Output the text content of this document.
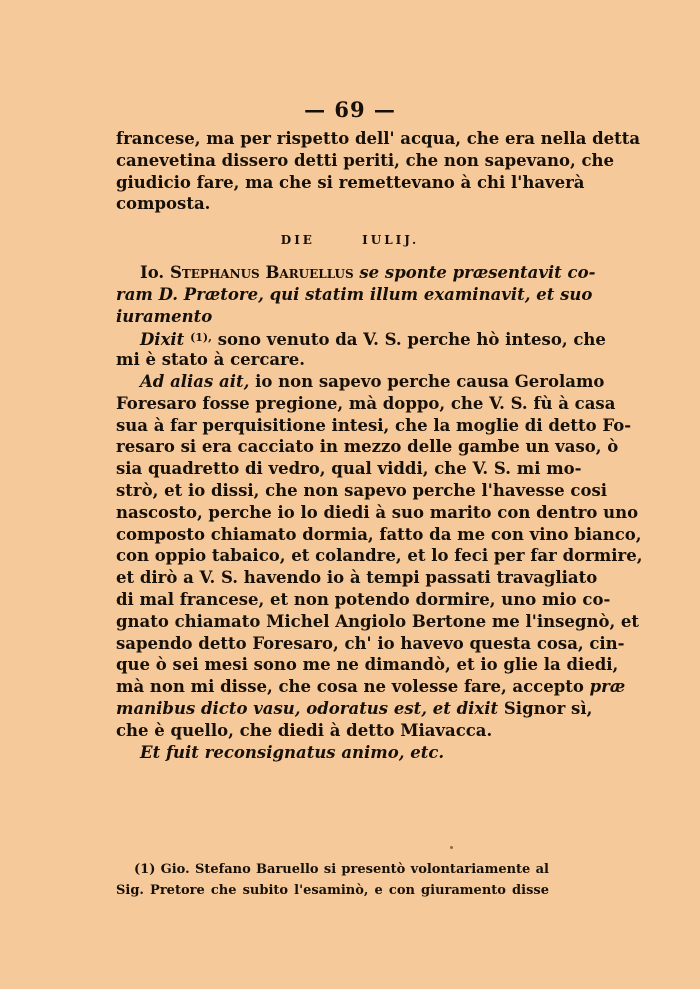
— 69 —
francese, ma per rispetto dell' acqua, che era nella detta
canevetina dissero detti periti, che non sapevano, che
giudicio fare, ma che si remettevano à chi l'haverà
composta.
DIE	IULIJ.
Io. Stephanus Baruellus se sponte præsentavit co-
ram D. Prætore, qui statim illum examinavit, et suo
iuramento
Dixit $^{(1),}$ sono venuto da V. S. perche hò inteso, che
mi è stato à cercare.
Ad alias ait, io non sapevo perche causa Gerolamo
Foresaro fosse pregione, mà doppo, che V. S. fù à casa
sua à far perquisitione intesi, che la moglie di detto Fo-
resaro si era cacciato in mezzo delle gambe un vaso, ò
sia quadretto di vedro, qual viddi, che V. S. mi mo-
strò, et io dissi, che non sapevo perche l'havesse cosi
nascosto, perche io lo diedi à suo marito con dentro uno
composto chiamato dormia, fatto da me con vino bianco,
con oppio tabaico, et colandre, et lo feci per far dormire,
et dirò a V. S. havendo io à tempi passati travagliato
di mal francese, et non potendo dormire, uno mio co-
gnato chiamato Michel Angiolo Bertone me l'insegnò, et
sapendo detto Foresaro, ch' io havevo questa cosa, cin-
que ò sei mesi sono me ne dimandò, et io glie la diedi,
mà non mi disse, che cosa ne volesse fare, accepto præ
manibus dicto vasu, odoratus est, et dixit Signor sì,
che è quello, che diedi à detto Miavacca.
Et fuit reconsignatus animo, etc.
(1) Gio. Stefano Baruello si presentò volontariamente al
Sig. Pretore che subito l'esaminò, e con giuramento disse
